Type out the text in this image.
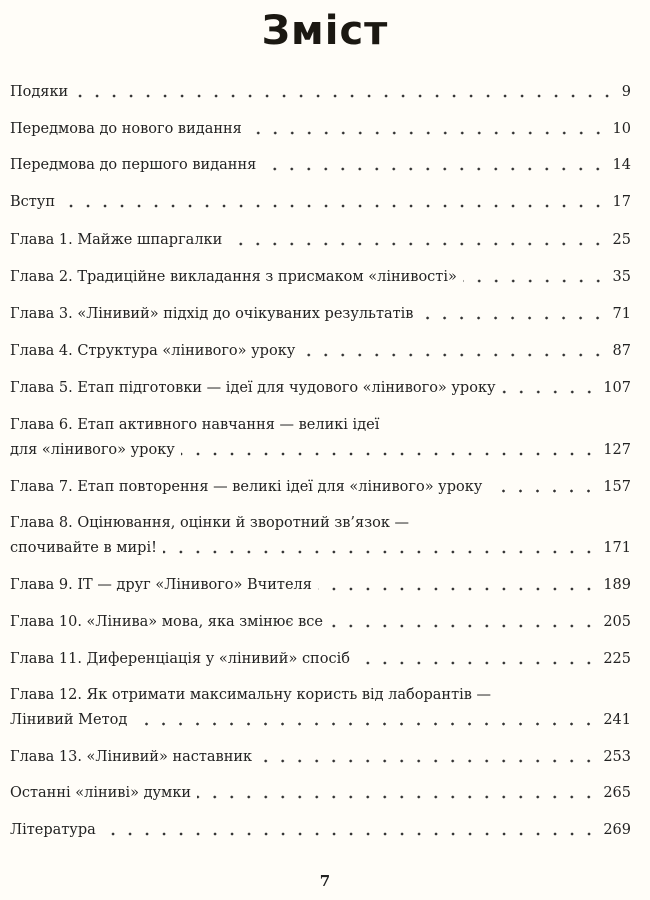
Зміст
Подяки	9
Передмова до нового видання	10
Передмова до першого видання	14
Вступ	17
Глава 1. Майже шпаргалки	25
Глава 2. Традиційне викладання з присмаком «лінивості»	35
Глава 3. «Лінивий» підхід до очікуваних результатів	71
Глава 4. Структура «лінивого» уроку	87
Глава 5. Етап підготовки — ідеї для чудового «лінивого» уроку	107
Глава 6. Етап активного навчання — великі ідеї
для «лінивого» уроку	127
Глава 7. Етап повторення — великі ідеї для «лінивого» уроку	157
Глава 8. Оцінювання, оцінки й зворотний зв’язок —
спочивайте в мирі!	171
Глава 9. ІТ — друг «Лінивого» Вчителя	189
Глава 10. «Лінива» мова, яка змінює все	205
Глава 11. Диференціація у «лінивий» спосіб	225
Глава 12. Як отримати максимальну користь від лаборантів —
Лінивий Метод	241
Глава 13. «Лінивий» наставник	253
Останні «ліниві» думки	265
Література	269
7
